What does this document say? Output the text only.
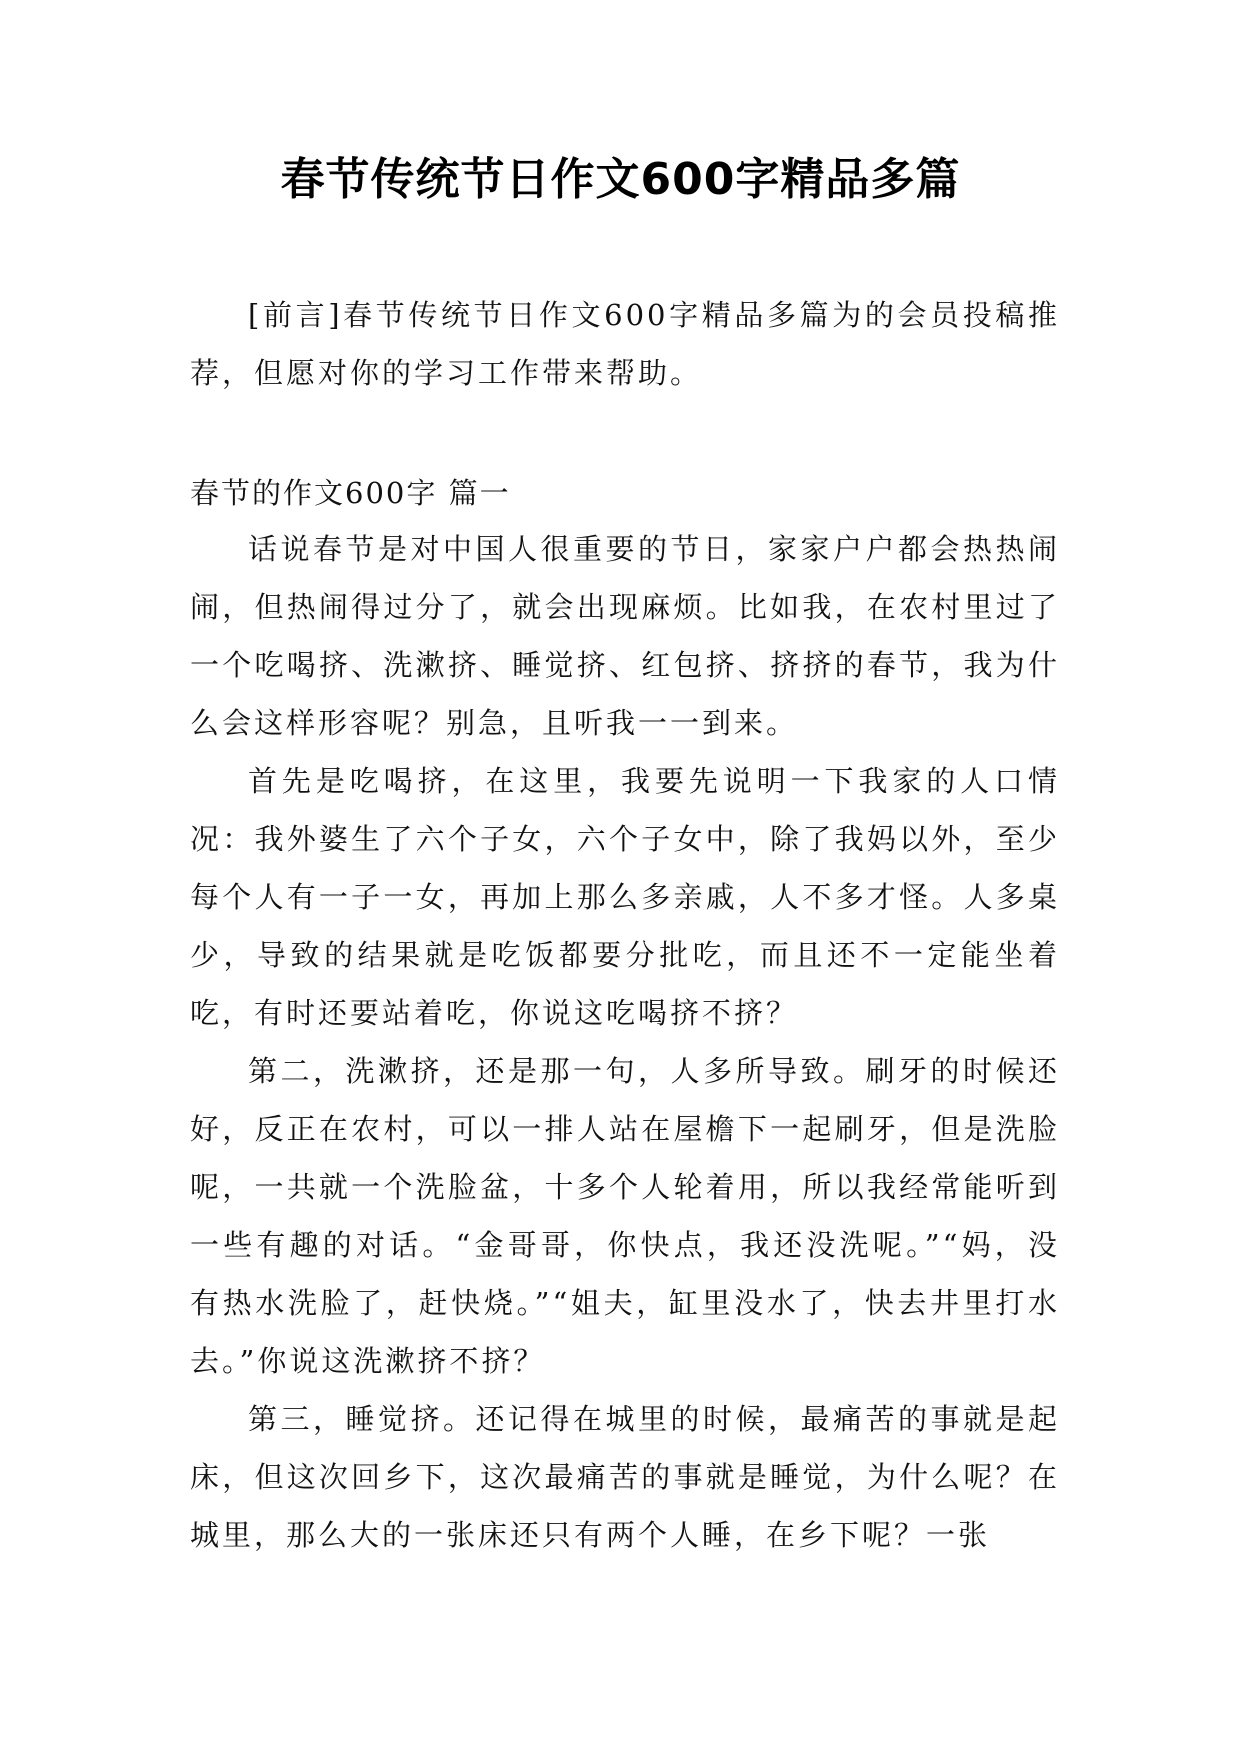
春节传统节日作文600字精品多篇

[前言]春节传统节日作文600字精品多篇为的会员投稿推荐，但愿对你的学习工作带来帮助。

春节的作文600字 篇一

话说春节是对中国人很重要的节日，家家户户都会热热闹闹，但热闹得过分了，就会出现麻烦。比如我，在农村里过了一个吃喝挤、洗漱挤、睡觉挤、红包挤、挤挤的春节，我为什么会这样形容呢？别急，且听我一一到来。

首先是吃喝挤，在这里，我要先说明一下我家的人口情况：我外婆生了六个子女，六个子女中，除了我妈以外，至少每个人有一子一女，再加上那么多亲戚，人不多才怪。人多桌少，导致的结果就是吃饭都要分批吃，而且还不一定能坐着吃，有时还要站着吃，你说这吃喝挤不挤？

第二，洗漱挤，还是那一句，人多所导致。刷牙的时候还好，反正在农村，可以一排人站在屋檐下一起刷牙，但是洗脸呢，一共就一个洗脸盆，十多个人轮着用，所以我经常能听到一些有趣的对话。“金哥哥，你快点，我还没洗呢。”“妈，没有热水洗脸了，赶快烧。”“姐夫，缸里没水了，快去井里打水去。”你说这洗漱挤不挤？

第三，睡觉挤。还记得在城里的时候，最痛苦的事就是起床，但这次回乡下，这次最痛苦的事就是睡觉，为什么呢？在城里，那么大的一张床还只有两个人睡，在乡下呢？一张
